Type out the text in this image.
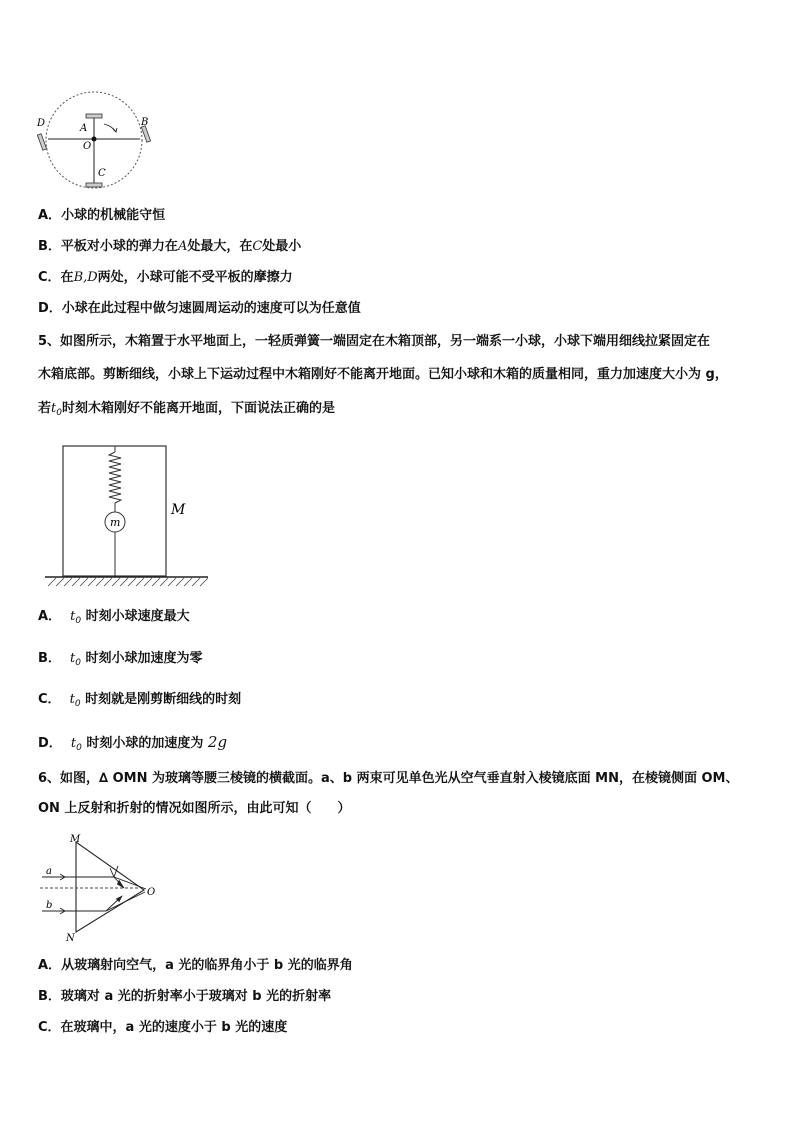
A
B
C
D
O
A．小球的机械能守恒
B．平板对小球的弹力在A处最大，在C处最小
C．在B,D两处，小球可能不受平板的摩擦力
D．小球在此过程中做匀速圆周运动的速度可以为任意值
5、如图所示，木箱置于水平地面上，一轻质弹簧一端固定在木箱顶部，另一端系一小球，小球下端用细线拉紧固定在
木箱底部。剪断细线，小球上下运动过程中木箱刚好不能离开地面。已知小球和木箱的质量相同，重力加速度大小为 g，
若$t_0$时刻木箱刚好不能离开地面，下面说法正确的是
m
M
A． $t_0$ 时刻小球速度最大
B． $t_0$ 时刻小球加速度为零
C． $t_0$ 时刻就是刚剪断细线的时刻
D． $t_0$ 时刻小球的加速度为 2g
6、如图，∆ OMN 为玻璃等腰三棱镜的横截面。a、b 两束可见单色光从空气垂直射入棱镜底面 MN，在棱镜侧面 OM、
ON 上反射和折射的情况如图所示，由此可知（　　）
M
N
O
a
b
A．从玻璃射向空气，a 光的临界角小于 b 光的临界角
B．玻璃对 a 光的折射率小于玻璃对 b 光的折射率
C．在玻璃中，a 光的速度小于 b 光的速度
